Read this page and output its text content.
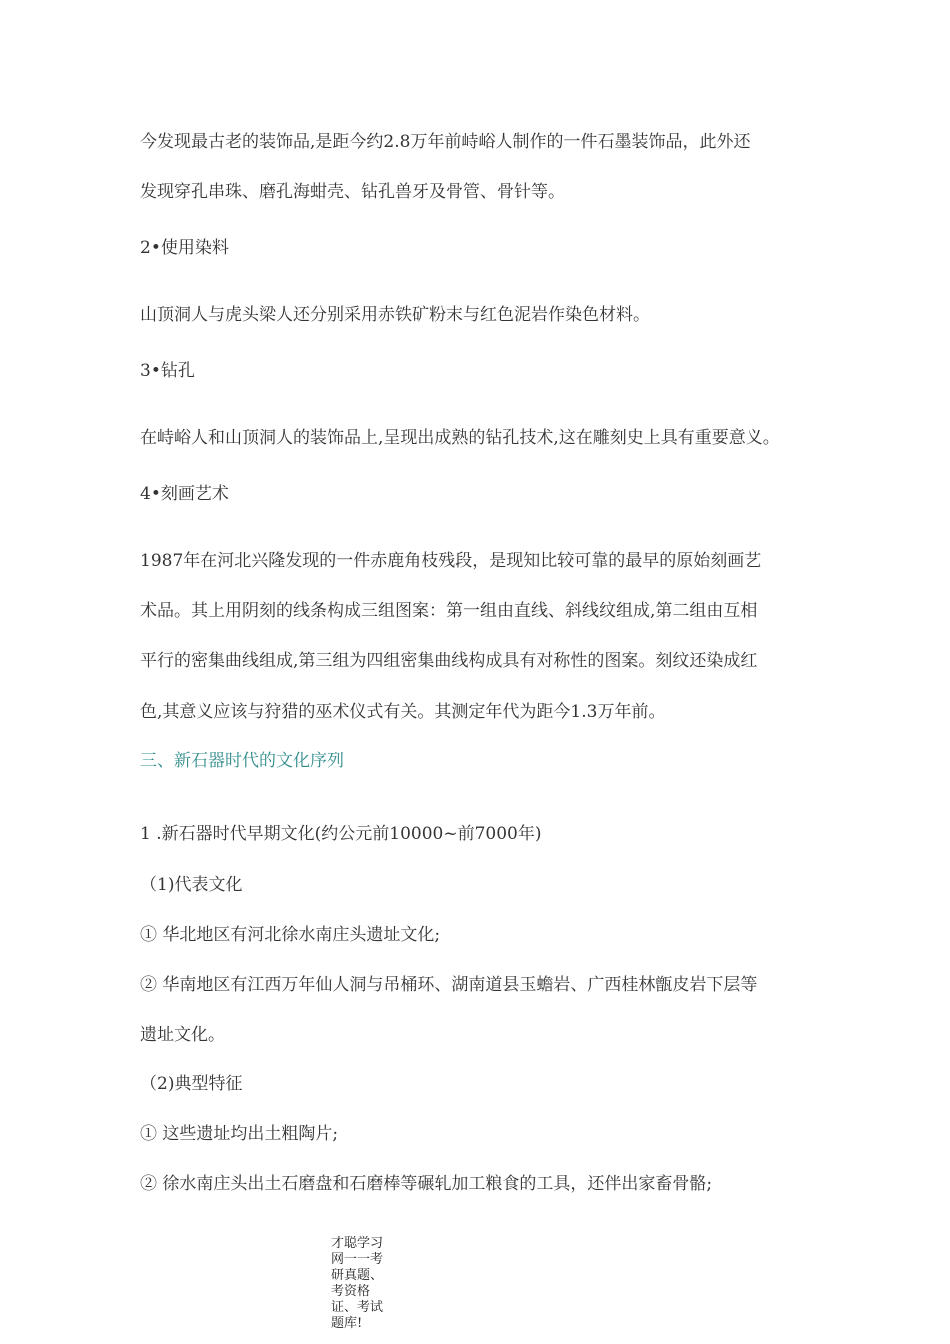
今发现最古老的装饰品,是距今约2.8万年前峙峪人制作的一件石墨装饰品，此外还

发现穿孔串珠、磨孔海蚶壳、钻孔兽牙及骨管、骨针等。

2•使用染料

山顶洞人与虎头梁人还分别采用赤铁矿粉末与红色泥岩作染色材料。

3•钻孔

在峙峪人和山顶洞人的装饰品上,呈现出成熟的钻孔技术,这在雕刻史上具有重要意义。

4•刻画艺术

1987年在河北兴隆发现的一件赤鹿角枝残段，是现知比较可靠的最早的原始刻画艺

术品。其上用阴刻的线条构成三组图案：第一组由直线、斜线纹组成,第二组由互相

平行的密集曲线组成,第三组为四组密集曲线构成具有对称性的图案。刻纹还染成红

色,其意义应该与狩猎的巫术仪式有关。其测定年代为距今1.3万年前。

三、新石器时代的文化序列

1 .新石器时代早期文化(约公元前10000~前7000年)

（1)代表文化

① 华北地区有河北徐水南庄头遗址文化;

② 华南地区有江西万年仙人洞与吊桶环、湖南道县玉蟾岩、广西桂林甑皮岩下层等

遗址文化。

（2)典型特征

① 这些遗址均出土粗陶片;

② 徐水南庄头出土石磨盘和石磨棒等碾轧加工粮食的工具，还伴出家畜骨骼;

才聪学习网一一考研真题、考资格证、考试题库!
